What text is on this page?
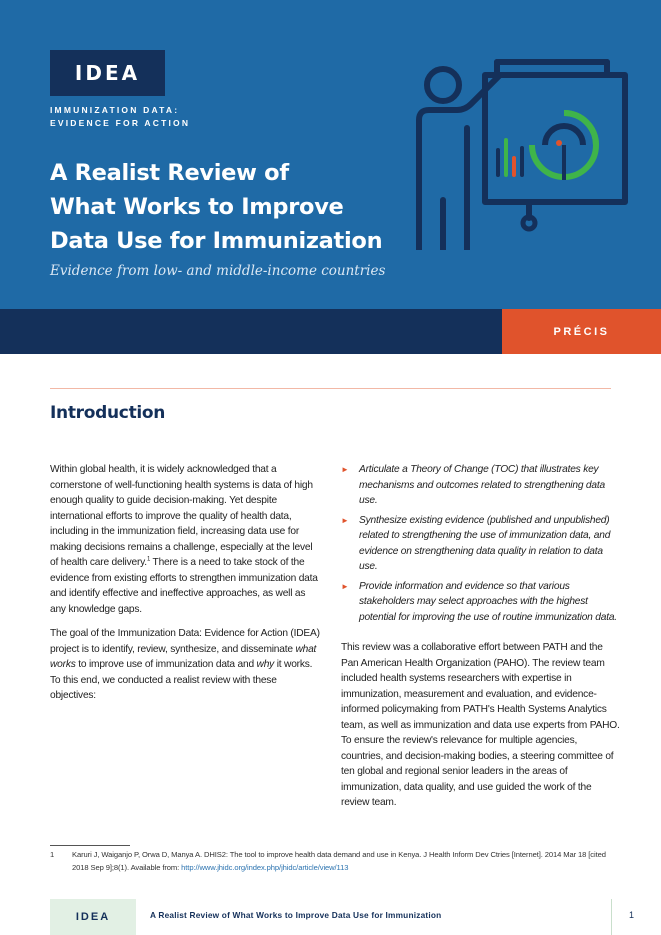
IDEA
IMMUNIZATION DATA:
EVIDENCE FOR ACTION
A Realist Review of
What Works to Improve
Data Use for Immunization
Evidence from low- and middle-income countries
PRÉCIS
Introduction

Within global health, it is widely acknowledged that a cornerstone of well-functioning health systems is data of high enough quality to guide decision-making. Yet despite international efforts to improve the quality of health data, including in the immunization field, increasing data use for making decisions remains a challenge, especially at the level of health care delivery.$^1$ There is a need to take stock of the evidence from existing efforts to strengthen immunization data and identify effective and ineffective approaches, as well as any knowledge gaps.

The goal of the Immunization Data: Evidence for Action (IDEA) project is to identify, review, synthesize, and disseminate what works to improve use of immunization data and why it works. To this end, we conducted a realist review with these objectives:

► Articulate a Theory of Change (TOC) that illustrates key mechanisms and outcomes related to strengthening data use.
► Synthesize existing evidence (published and unpublished) related to strengthening the use of immunization data, and evidence on strengthening data quality in relation to data use.
► Provide information and evidence so that various stakeholders may select approaches with the highest potential for improving the use of routine immunization data.

This review was a collaborative effort between PATH and the Pan American Health Organization (PAHO). The review team included health systems researchers with expertise in immunization, measurement and evaluation, and evidence-informed policymaking from PATH's Health Systems Analytics team, as well as immunization and data use experts from PAHO. To ensure the review's relevance for multiple agencies, countries, and decision-making bodies, a steering committee of ten global and regional senior leaders in the areas of immunization, data quality, and use guided the work of the review team.

1 Karuri J, Waiganjo P, Orwa D, Manya A. DHIS2: The tool to improve health data demand and use in Kenya. J Health Inform Dev Ctries [Internet]. 2014 Mar 18 [cited 2018 Sep 9];8(1). Available from: http://www.jhidc.org/index.php/jhidc/article/view/113
IDEA	A Realist Review of What Works to Improve Data Use for Immunization	1
